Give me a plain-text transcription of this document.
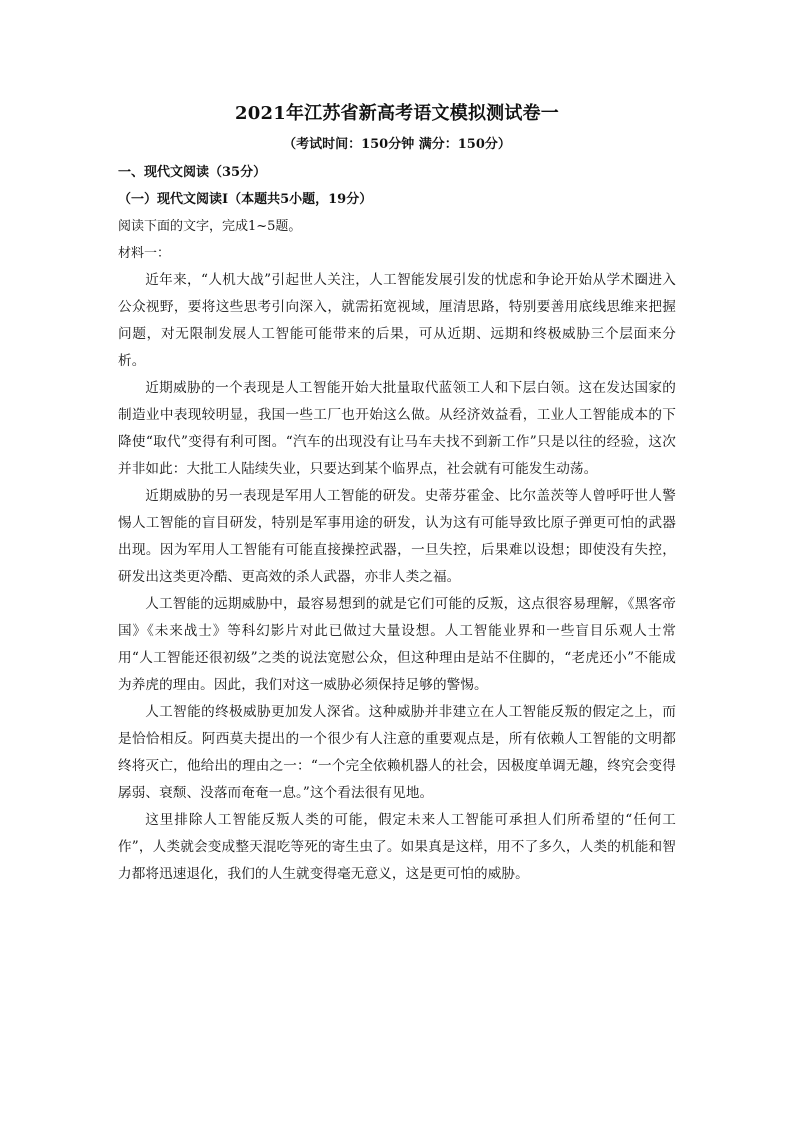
2021年江苏省新高考语文模拟测试卷一

（考试时间：150分钟 满分：150分）

一、现代文阅读（35分）

（一）现代文阅读Ⅰ（本题共5小题，19分）

阅读下面的文字，完成1~5题。

材料一：

近年来，“人机大战”引起世人关注，人工智能发展引发的忧虑和争论开始从学术圈进入公众视野，要将这些思考引向深入，就需拓宽视域，厘清思路，特别要善用底线思维来把握问题，对无限制发展人工智能可能带来的后果，可从近期、远期和终极威胁三个层面来分析。

近期威胁的一个表现是人工智能开始大批量取代蓝领工人和下层白领。这在发达国家的制造业中表现较明显，我国一些工厂也开始这么做。从经济效益看，工业人工智能成本的下降使“取代”变得有利可图。“汽车的出现没有让马车夫找不到新工作”只是以往的经验，这次并非如此：大批工人陆续失业，只要达到某个临界点，社会就有可能发生动荡。

近期威胁的另一表现是军用人工智能的研发。史蒂芬霍金、比尔盖茨等人曾呼吁世人警惕人工智能的盲目研发，特别是军事用途的研发，认为这有可能导致比原子弹更可怕的武器出现。因为军用人工智能有可能直接操控武器，一旦失控，后果难以设想；即使没有失控，研发出这类更冷酷、更高效的杀人武器，亦非人类之福。

人工智能的远期威胁中，最容易想到的就是它们可能的反叛，这点很容易理解，《黑客帝国》《未来战士》等科幻影片对此已做过大量设想。人工智能业界和一些盲目乐观人士常用“人工智能还很初级”之类的说法宽慰公众，但这种理由是站不住脚的，“老虎还小”不能成为养虎的理由。因此，我们对这一威胁必须保持足够的警惕。

人工智能的终极威胁更加发人深省。这种威胁并非建立在人工智能反叛的假定之上，而是恰恰相反。阿西莫夫提出的一个很少有人注意的重要观点是，所有依赖人工智能的文明都终将灭亡，他给出的理由之一：“一个完全依赖机器人的社会，因极度单调无趣，终究会变得孱弱、衰颓、没落而奄奄一息。”这个看法很有见地。

这里排除人工智能反叛人类的可能，假定未来人工智能可承担人们所希望的“任何工作”，人类就会变成整天混吃等死的寄生虫了。如果真是这样，用不了多久，人类的机能和智力都将迅速退化，我们的人生就变得毫无意义，这是更可怕的威胁。
